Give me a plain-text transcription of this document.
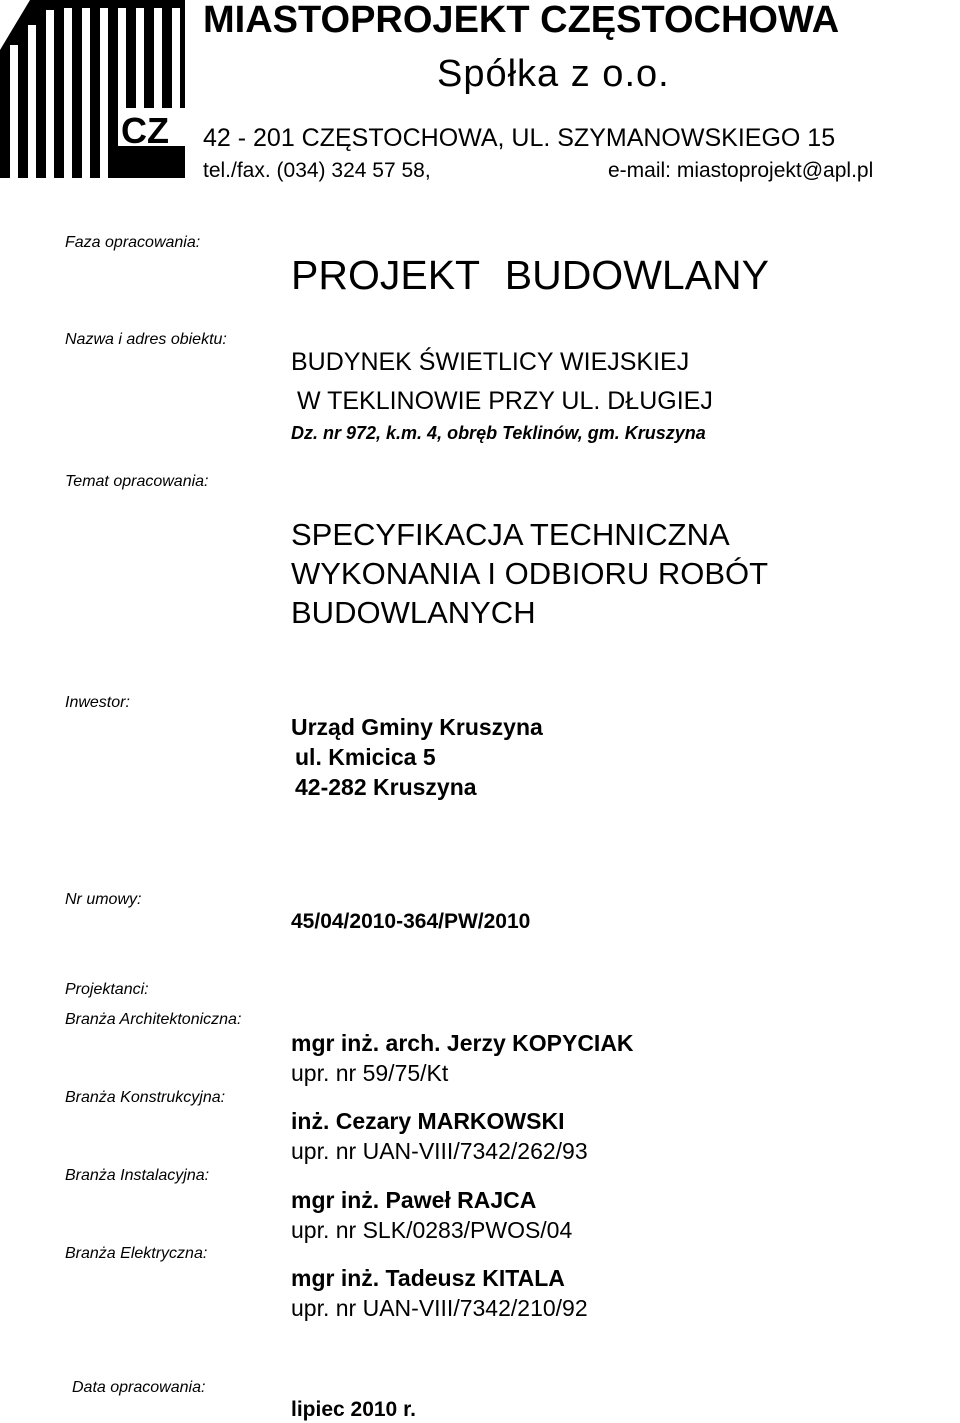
CZ
MIASTOPROJEKT CZĘSTOCHOWA
Spółka z o.o.
42 - 201 CZĘSTOCHOWA, UL. SZYMANOWSKIEGO 15
tel./fax. (034) 324 57 58,	e-mail: miastoprojekt@apl.pl
Faza opracowania:
PROJEKT BUDOWLANY
Nazwa i adres obiektu:
BUDYNEK ŚWIETLICY WIEJSKIEJ
W TEKLINOWIE PRZY UL. DŁUGIEJ
Dz. nr 972, k.m. 4, obręb Teklinów, gm. Kruszyna
Temat opracowania:
SPECYFIKACJA TECHNICZNA WYKONANIA I ODBIORU ROBÓT BUDOWLANYCH
Inwestor:
Urząd Gminy Kruszyna
ul. Kmicica 5
42-282 Kruszyna
Nr umowy:
45/04/2010-364/PW/2010
Projektanci:
Branża Architektoniczna:
mgr inż. arch. Jerzy KOPYCIAK
upr. nr 59/75/Kt
Branża Konstrukcyjna:
inż. Cezary MARKOWSKI
upr. nr UAN-VIII/7342/262/93
Branża Instalacyjna:
mgr inż. Paweł RAJCA
upr. nr SLK/0283/PWOS/04
Branża Elektryczna:
mgr inż. Tadeusz KITALA
upr. nr UAN-VIII/7342/210/92
Data opracowania:
lipiec 2010 r.
